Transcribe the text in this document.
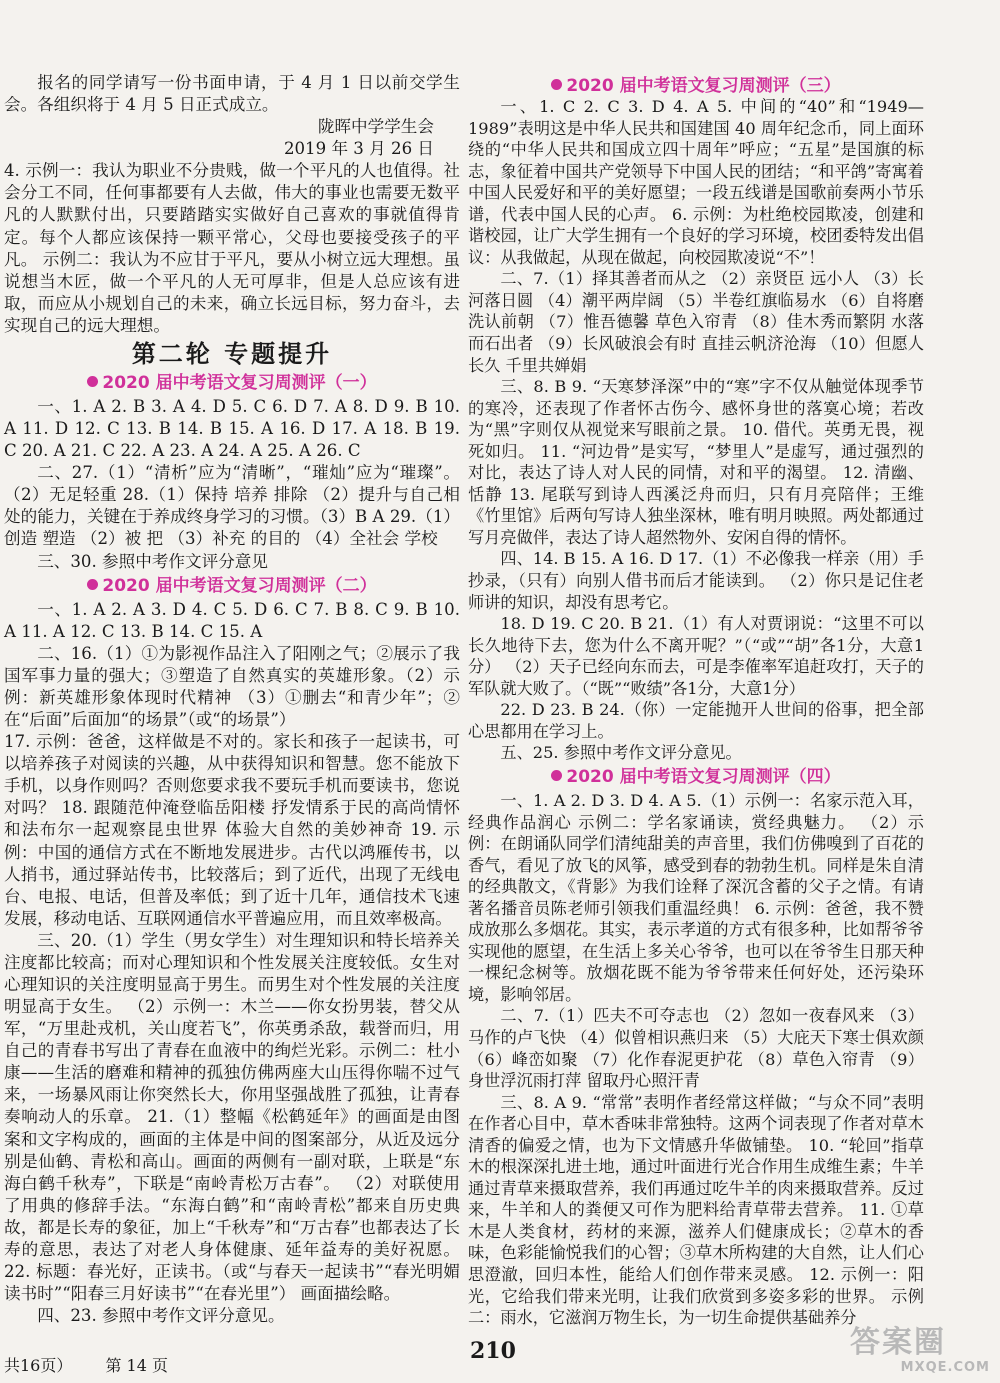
2020 届中考语文复习周测评（三）

报名的同学请写一份书面申请，于 4 月 1 日以前交学生会。各组织将于 4 月 5 日正式成立。

陇晖中学学生会

2019 年 3 月 26 日

4. 示例一：我认为职业不分贵贱，做一个平凡的人也值得。社会分工不同，任何事都要有人去做，伟大的事业也需要无数平凡的人默默付出，只要踏踏实实做好自己喜欢的事就值得肯定。每个人都应该保持一颗平常心，父母也要接受孩子的平凡。 示例二：我认为不应甘于平凡，要从小树立远大理想。虽说想当木匠，做一个平凡的人无可厚非，但是人总应该有进取，而应从小规划自己的未来，确立长远目标，努力奋斗，去实现自己的远大理想。

第二轮 专题提升
2020 届中考语文复习周测评（一）

一、1. A 2. B 3. A 4. D 5. C 6. D 7. A 8. D 9. B 10. A 11. D 12. C 13. B 14. B 15. A 16. D 17. A 18. B 19. C 20. A 21. C 22. A 23. A 24. A 25. A 26. C

二、27.（1）“清析”应为“清晰”，“璀灿”应为“璀璨”。（2）无足轻重 28.（1）保持 培养 排除 （2）提升与自己相处的能力，关键在于养成终身学习的习惯。（3）B A 29.（1）创造 塑造 （2）被 把 （3）补充 的目的 （4）全社会 学校

三、30. 参照中考作文评分意见

2020 届中考语文复习周测评（二）

一、1. A 2. A 3. D 4. C 5. D 6. C 7. B 8. C 9. B 10. A 11. A 12. C 13. B 14. C 15. A

二、16.（1）①为影视作品注入了阳刚之气；②展示了我国军事力量的强大；③塑造了自然真实的英雄形象。（2）示例：新英雄形象体现时代精神 （3）①删去“和青少年”；②在“后面”后面加“的场景”（或“的场景”）

17. 示例：爸爸，这样做是不对的。家长和孩子一起读书，可以培养孩子对阅读的兴趣，从中获得知识和智慧。您不能放下手机，以身作则吗？否则您要求我不要玩手机而要读书，您说对吗？ 18. 跟随范仲淹登临岳阳楼 抒发情系于民的高尚情怀 和法布尔一起观察昆虫世界 体验大自然的美妙神奇 19. 示例：中国的通信方式在不断地发展进步。古代以鸿雁传书，以人捎书，通过驿站传书，比较落后；到了近代，出现了无线电台、电报、电话，但普及率低；到了近十几年，通信技术飞速发展，移动电话、互联网通信水平普遍应用，而且效率极高。

三、20.（1）学生（男女学生）对生理知识和特长培养关注度都比较高；而对心理知识和个性发展关注度较低。女生对心理知识的关注度明显高于男生。而男生对个性发展的关注度明显高于女生。 （2）示例一：木兰——你女扮男装，替父从军，“万里赴戎机，关山度若飞”，你英勇杀敌，载誉而归，用自己的青春书写出了青春在血液中的绚烂光彩。示例二：杜小康——生活的磨难和精神的孤独仿佛两座大山压得你喘不过气来，一场暴风雨让你突然长大，你用坚强战胜了孤独，让青春奏响动人的乐章。 21.（1）整幅《松鹤延年》的画面是由图案和文字构成的，画面的主体是中间的图案部分，从近及远分别是仙鹤、青松和高山。画面的两侧有一副对联，上联是“东海白鹤千秋寿”，下联是“南岭青松万古春”。 （2）对联使用了用典的修辞手法。“东海白鹤”和“南岭青松”都来自历史典故，都是长寿的象征，加上“千秋寿”和“万古春”也都表达了长寿的意思，表达了对老人身体健康、延年益寿的美好祝愿。 22. 标题：春光好，正读书。（或“与春天一起读书”“春光明媚读书时”“阳春三月好读书”“在春光里”） 画面描绘略。

四、23. 参照中考作文评分意见。

一、1. C 2. C 3. D 4. A 5. 中间的“40”和“1949—1989”表明这是中华人民共和国建国 40 周年纪念币，同上面环绕的“中华人民共和国成立四十周年”呼应；“五星”是国旗的标志，象征着中国共产党领导下中国人民的团结；“和平鸽”寄寓着中国人民爱好和平的美好愿望；一段五线谱是国歌前奏两小节乐谱，代表中国人民的心声。 6. 示例：为杜绝校园欺凌，创建和谐校园，让广大学生拥有一个良好的学习环境，校团委特发出倡议：从我做起，从现在做起，向校园欺凌说“不”！

二、7.（1）择其善者而从之 （2）亲贤臣 远小人 （3）长河落日圆 （4）潮平两岸阔 （5）半卷红旗临易水 （6）自将磨洗认前朝 （7）惟吾德馨 草色入帘青 （8）佳木秀而繁阴 水落而石出者 （9）长风破浪会有时 直挂云帆济沧海 （10）但愿人长久 千里共婵娟

三、8. B 9. “天寒梦泽深”中的“寒”字不仅从触觉体现季节的寒冷，还表现了作者怀古伤今、感怀身世的落寞心境；若改为“黑”字则仅从视觉来写眼前之景。 10. 借代。英勇无畏，视死如归。 11. “河边骨”是实写，“梦里人”是虚写，通过强烈的对比，表达了诗人对人民的同情，对和平的渴望。 12. 清幽、恬静 13. 尾联写到诗人西溪泛舟而归，只有月亮陪伴；王维《竹里馆》后两句写诗人独坐深林，唯有明月映照。两处都通过写月亮做伴，表达了诗人超然物外、安闲自得的情怀。

四、14. B 15. A 16. D 17.（1）不必像我一样亲（用）手抄录，（只有）向别人借书而后才能读到。 （2）你只是记住老师讲的知识，却没有思考它。

18. D 19. C 20. B 21.（1）有人对贾诩说：“这里不可以长久地待下去，您为什么不离开呢？”（“或”“胡”各1分，大意1分） （2）天子已经向东而去，可是李傕率军追赶攻打，天子的军队就大败了。（“既”“败绩”各1分，大意1分）

22. D 23. B 24.（你）一定能抛开人世间的俗事，把全部心思都用在学习上。

五、25. 参照中考作文评分意见。

2020 届中考语文复习周测评（四）

一、1. A 2. D 3. D 4. A 5.（1）示例一：名家示范入耳，经典作品润心 示例二：学名家诵读，赏经典魅力。 （2）示例：在朗诵队同学们清纯甜美的声音里，我们仿佛嗅到了百花的香气，看见了放飞的风筝，感受到春的勃勃生机。同样是朱自清的经典散文，《背影》为我们诠释了深沉含蓄的父子之情。有请著名播音员陈老师引领我们重温经典！ 6. 示例：爸爸，我不赞成放那么多烟花。其实，表示孝道的方式有很多种，比如帮爷爷实现他的愿望，在生活上多关心爷爷，也可以在爷爷生日那天种一棵纪念树等。放烟花既不能为爷爷带来任何好处，还污染环境，影响邻居。

二、7.（1）匹夫不可夺志也 （2）忽如一夜春风来 （3）马作的卢飞快 （4）似曾相识燕归来 （5）大庇天下寒士俱欢颜 （6）峰峦如聚 （7）化作春泥更护花 （8）草色入帘青 （9）身世浮沉雨打萍 留取丹心照汗青

三、8. A 9. “常常”表明作者经常这样做；“与众不同”表明在作者心目中，草木香味非常独特。这两个词表现了作者对草木清香的偏爱之情，也为下文情感升华做铺垫。 10. “轮回”指草木的根深深扎进土地，通过叶面进行光合作用生成维生素；牛羊通过青草来摄取营养，我们再通过吃牛羊的肉来摄取营养。反过来，牛羊和人的粪便又可作为肥料给青草带去营养。 11. ①草木是人类食材，药材的来源，滋养人们健康成长；②草木的香味，色彩能愉悦我们的心智；③草木所构建的大自然，让人们心思澄澈，回归本性，能给人们创作带来灵感。 12. 示例一：阳光，它给我们带来光明，让我们欣赏到多姿多彩的世界。 示例二：雨水，它滋润万物生长，为一切生命提供基础养分

共16页） 第 14 页
210	答案圈
MXQE.COM
